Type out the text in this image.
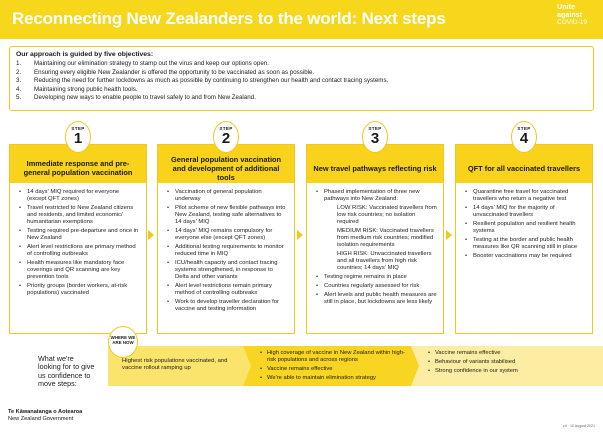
Reconnecting New Zealanders to the world: Next steps
Unite
against
COVID-19
Our approach is guided by five objectives:
1.	Maintaining our elimination strategy to stamp out the virus and keep our options open.
2.	Ensuring every eligible New Zealander is offered the opportunity to be vaccinated as soon as possible.
3.	Reducing the need for further lockdowns as much as possible by continuing to strengthen our health and contact tracing systems.
4.	Maintaining strong public health tools.
5.	Developing new ways to enable people to travel safely to and from New Zealand.
Immediate response and pre-general population vaccination
• 14 days' MIQ required for everyone (except QFT zones)
• Travel restricted to New Zealand citizens and residents, and limited economic/ humanitarian exemptions
• Testing required pre-departure and once in New Zealand
• Alert level restrictions are primary method of controlling outbreaks
• Health measures like mandatory face coverings and QR scanning are key prevention tools
• Priority groups (border workers, at-risk populations) vaccinated
General population vaccination and development of additional tools
• Vaccination of general population underway
• Pilot scheme of new flexible pathways into New Zealand, testing safe alternatives to 14 days' MIQ
• 14 days' MIQ remains compulsory for everyone else (except QFT zones)
• Additional testing requirements to monitor reduced time in MIQ
• ICU/health capacity and contact tracing systems strengthened, in response to Delta and other variants
• Alert level restrictions remain primary method of controlling outbreaks
• Work to develop traveller declaration for vaccine and testing information
New travel pathways reflecting risk
• Phased implementation of three new pathways into New Zealand:
LOW RISK: Vaccinated travellers from low risk countries; no isolation required
MEDIUM RISK: Vaccinated travellers from medium risk countries; modified isolation requirements
HIGH RISK: Unvaccinated travellers and all travellers from high risk countries; 14 days' MIQ
• Testing regime remains in place
• Countries regularly assessed for risk
• Alert levels and public health measures are still in place, but lockdowns are less likely
QFT for all vaccinated travellers
• Quarantine free travel for vaccinated travellers who return a negative test
• 14 days' MIQ for the majority of unvaccinated travellers
• Resilient population and resilient health systems
• Testing at the border and public health measures like QR scanning still in place
• Booster vaccinations may be required
STEP
1
STEP
2
STEP
3
STEP
4
What we're looking for to give us confidence to move steps:
Highest risk populations vaccinated, and vaccine rollout ramping up
• High coverage of vaccine in New Zealand within high-risk populations and across regions
• Vaccine remains effective
• We're able to maintain elimination strategy
• Vaccine remains effective
• Behaviour of variants stabilised
• Strong confidence in our system
WHERE WE ARE NOW
Te Kāwanatanga o Aotearoa
New Zealand Government
v.ii · 10 August 2021
